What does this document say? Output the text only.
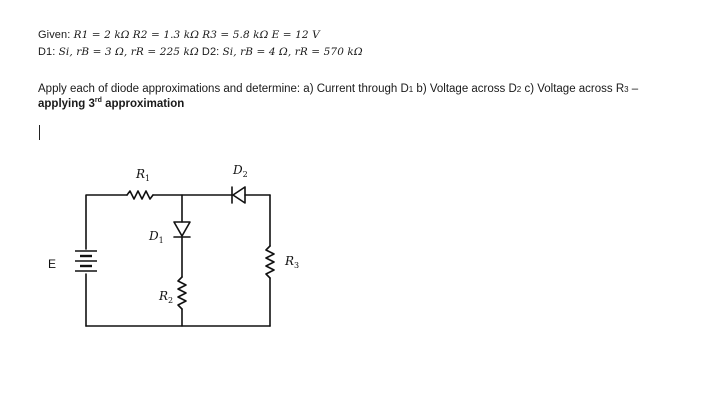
Given: R1 = 2 kΩ R2 = 1.3 kΩ R3 = 5.8 kΩ E = 12 V
D1: Si, rB = 3 Ω, rR = 225 kΩ D2: Si, rB = 4 Ω, rR = 570 kΩ
Apply each of diode approximations and determine: a) Current through D1 b) Voltage across D2 c) Voltage across R3 – applying 3rd approximation
$R_1$
$D_2$
$D_1$
$R_2$
$R_3$
E
